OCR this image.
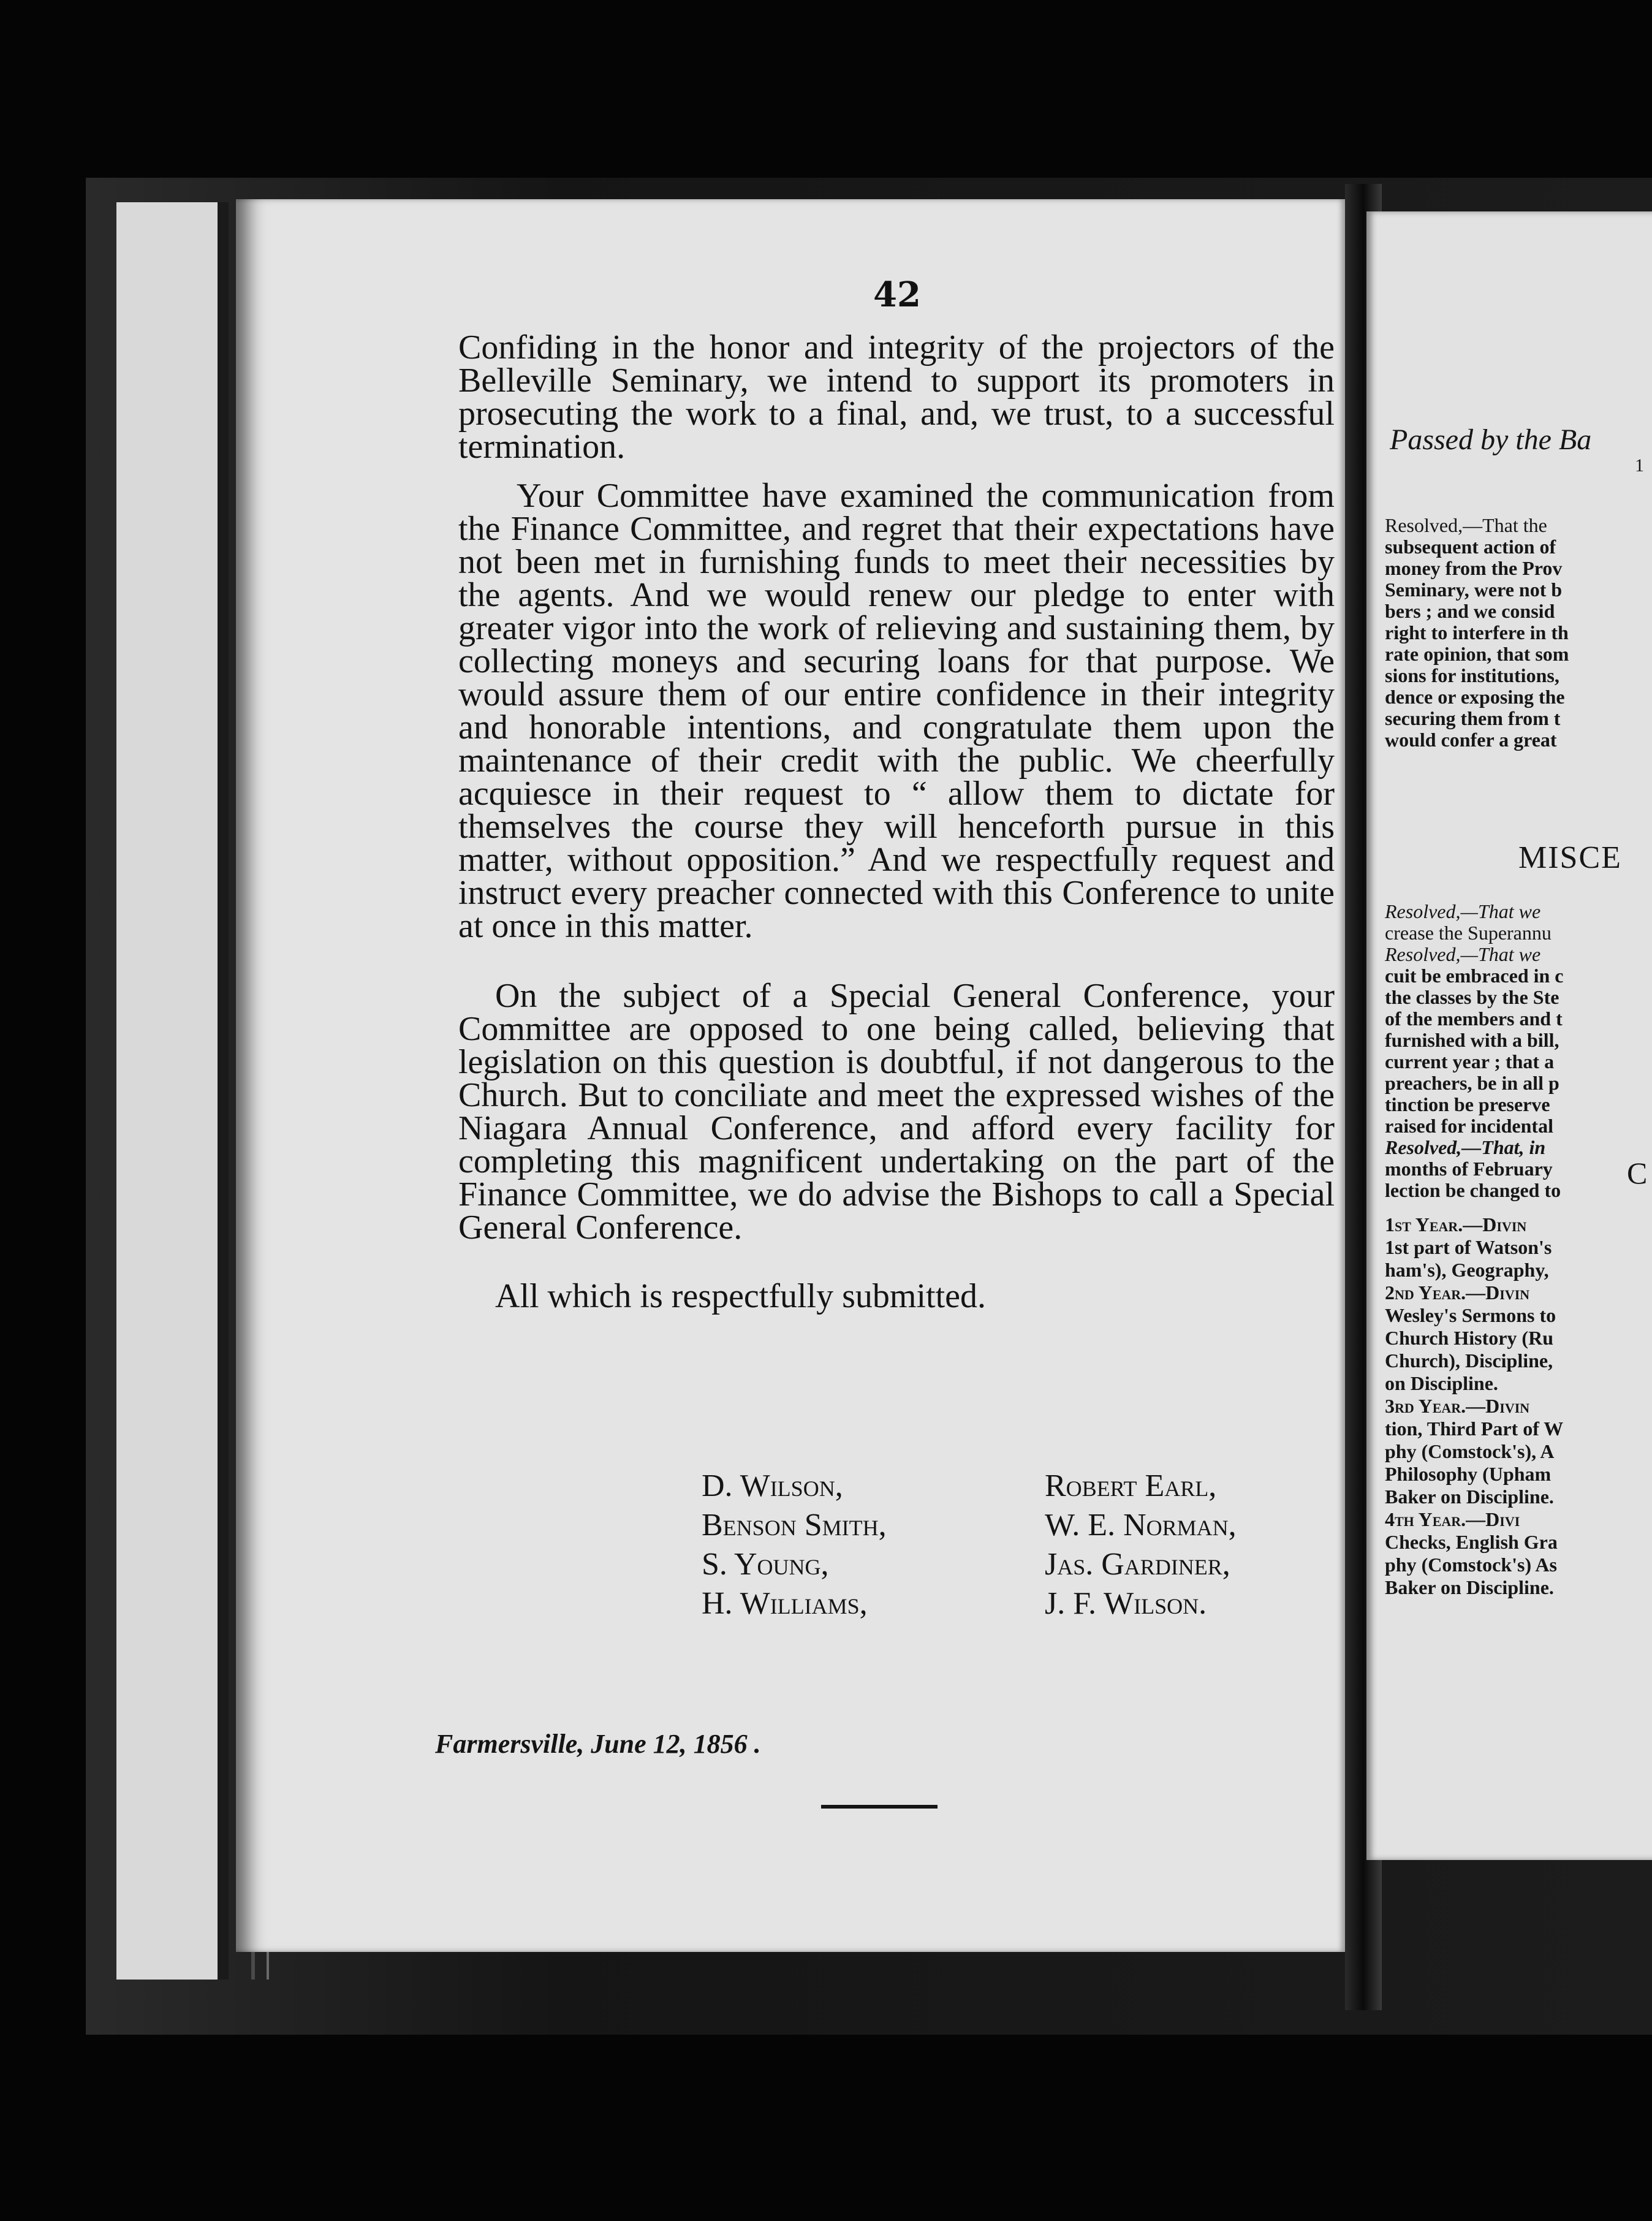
42

Confiding in the honor and integrity of the projectors of the Belleville Seminary, we intend to support its promoters in prosecuting the work to a final, and, we trust, to a successful termination.

Your Committee have examined the communication from the Finance Committee, and regret that their expectations have not been met in furnishing funds to meet their necessities by the agents. And we would renew our pledge to enter with greater vigor into the work of relieving and sustaining them, by collecting moneys and securing loans for that purpose. We would assure them of our entire confidence in their integrity and honorable intentions, and congratulate them upon the maintenance of their credit with the public. We cheerfully acquiesce in their request to “ allow them to dictate for themselves the course they will henceforth pursue in this matter, without opposition.” And we respectfully request and instruct every preacher connected with this Conference to unite at once in this matter.

On the subject of a Special General Conference, your Committee are opposed to one being called, believing that legislation on this question is doubtful, if not dangerous to the Church. But to conciliate and meet the expressed wishes of the Niagara Annual Conference, and afford every facility for completing this magnificent undertaking on the part of the Finance Committee, we do advise the Bishops to call a Special General Conference.

All which is respectfully submitted.

D. Wilson,	Robert Earl,
Benson Smith,	W. E. Norman,
S. Young,	Jas. Gardiner,
H. Williams,	J. F. Wilson.
Farmersville, June 12, 1856 .
Passed by the Ba
1
Resolved,—That the
subsequent action of
money from the Prov
Seminary, were not b
bers ; and we consid
right to interfere in th
rate opinion, that som
sions for institutions,
dence or exposing the
securing them from t
would confer a great
MISCE
Resolved,—That we
crease the Superannu
Resolved,—That we
cuit be embraced in c
the classes by the Ste
of the members and t
furnished with a bill,
current year ; that a
preachers, be in all p
tinction be preserve
raised for incidental
Resolved,—That, in
months of February
lection be changed to	C
1st Year.—Divin
1st part of Watson's
ham's), Geography,
2nd Year.—Divin
Wesley's Sermons to
Church History (Ru
Church), Discipline,
on Discipline.
3rd Year.—Divin
tion, Third Part of W
phy (Comstock's), A
Philosophy (Upham
Baker on Discipline.
4th Year.—Divi
Checks, English Gra
phy (Comstock's) As
Baker on Discipline.
